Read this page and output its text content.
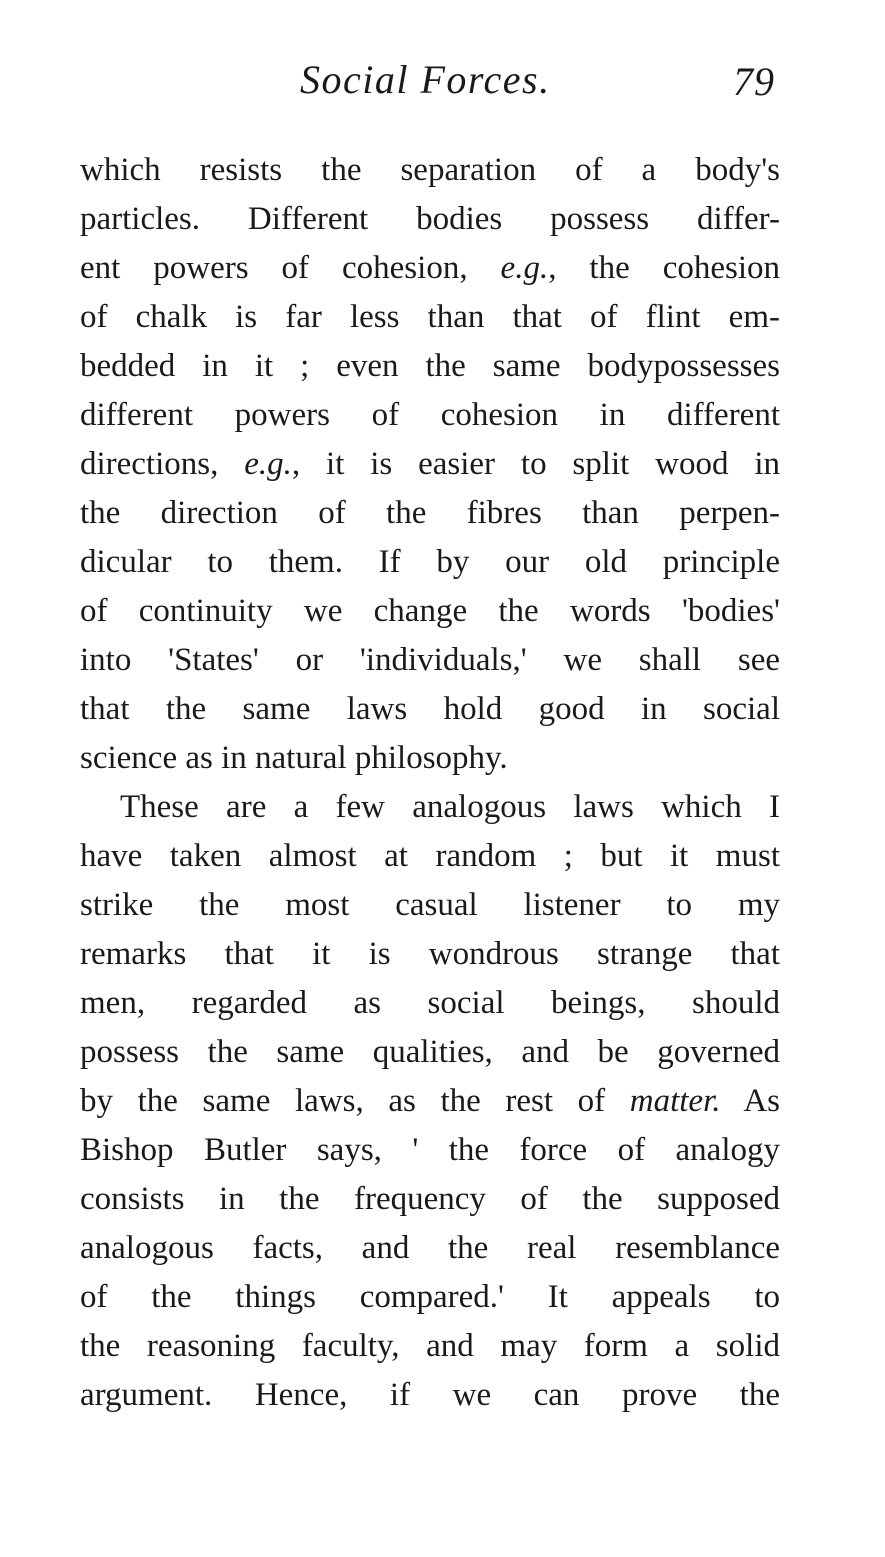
Social Forces.	79
which resists the separation of a body's
particles. Different bodies possess differ-
ent powers of cohesion, e.g., the cohesion
of chalk is far less than that of flint em-
bedded in it ; even the same bodypossesses
different powers of cohesion in different
directions, e.g., it is easier to split wood in
the direction of the fibres than perpen-
dicular to them. If by our old principle
of continuity we change the words 'bodies'
into 'States' or 'individuals,' we shall see
that the same laws hold good in social
science as in natural philosophy.
These are a few analogous laws which I
have taken almost at random ; but it must
strike the most casual listener to my
remarks that it is wondrous strange that
men, regarded as social beings, should
possess the same qualities, and be governed
by the same laws, as the rest of matter. As
Bishop Butler says, ' the force of analogy
consists in the frequency of the supposed
analogous facts, and the real resemblance
of the things compared.' It appeals to
the reasoning faculty, and may form a solid
argument. Hence, if we can prove the
